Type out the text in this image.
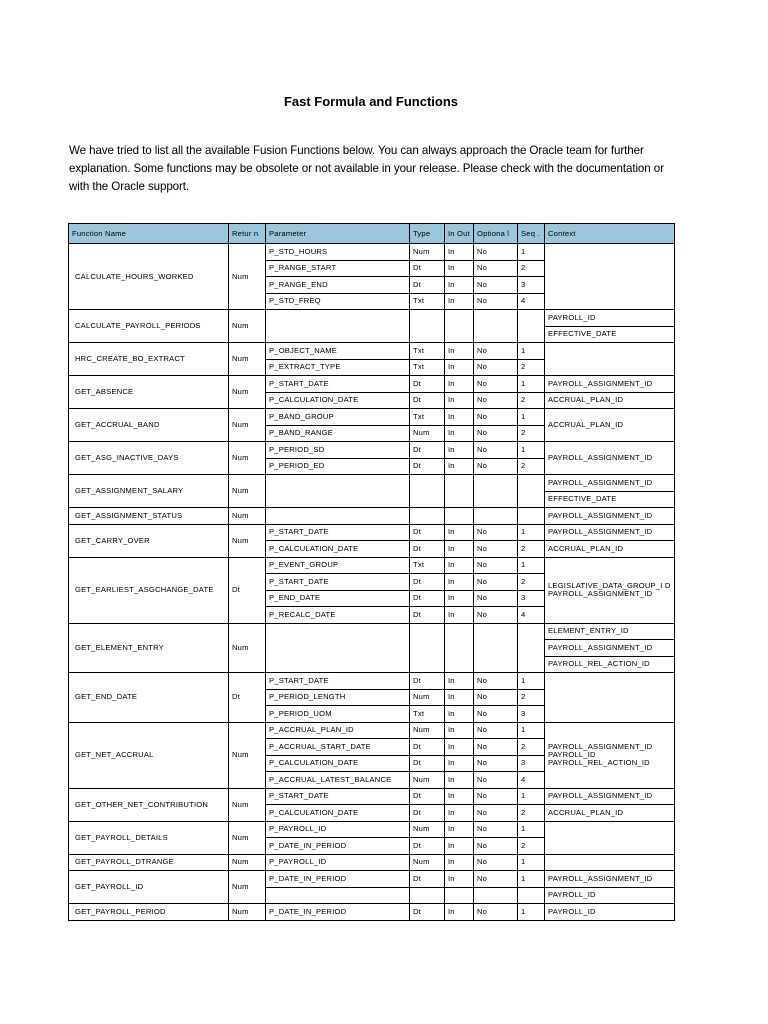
Fast Formula and Functions
We have tried to list all the available Fusion Functions below. You can always approach the Oracle team for further explanation. Some functions may be obsolete or not available in your release. Please check with the documentation or with the Oracle support.
Function Name	Retur n	Parameter	Type	In Out	Optiona l	Seq .	Context
CALCULATE_HOURS_WORKED	Num	P_STD_HOURS	Num	In	No	1	
		P_RANGE_START	Dt	In	No	2	
		P_RANGE_END	Dt	In	No	3	
		P_STD_FREQ	Txt	In	No	4	
CALCULATE_PAYROLL_PERIODS	Num						PAYROLL_ID
							EFFECTIVE_DATE
HRC_CREATE_BO_EXTRACT	Num	P_OBJECT_NAME	Txt	In	No	1	
		P_EXTRACT_TYPE	Txt	In	No	2	
GET_ABSENCE	Num	P_START_DATE	Dt	In	No	1	PAYROLL_ASSIGNMENT_ID
		P_CALCULATION_DATE	Dt	In	No	2	ACCRUAL_PLAN_ID
GET_ACCRUAL_BAND	Num	P_BAND_GROUP	Txt	In	No	1	ACCRUAL_PLAN_ID
		P_BAND_RANGE	Num	In	No	2	
GET_ASG_INACTIVE_DAYS	Num	P_PERIOD_SD	Dt	In	No	1	PAYROLL_ASSIGNMENT_ID
		P_PERIOD_ED	Dt	In	No	2	
GET_ASSIGNMENT_SALARY	Num						PAYROLL_ASSIGNMENT_ID
							EFFECTIVE_DATE
GET_ASSIGNMENT_STATUS	Num						PAYROLL_ASSIGNMENT_ID
GET_CARRY_OVER	Num	P_START_DATE	Dt	In	No	1	PAYROLL_ASSIGNMENT_ID
		P_CALCULATION_DATE	Dt	In	No	2	ACCRUAL_PLAN_ID
GET_EARLIEST_ASGCHANGE_DATE	Dt	P_EVENT_GROUP	Txt	In	No	1	LEGISLATIVE_DATA_GROUP_I D PAYROLL_ASSIGNMENT_ID
		P_START_DATE	Dt	In	No	2	
		P_END_DATE	Dt	In	No	3	
		P_RECALC_DATE	Dt	In	No	4	
GET_ELEMENT_ENTRY	Num						ELEMENT_ENTRY_ID
							PAYROLL_ASSIGNMENT_ID
							PAYROLL_REL_ACTION_ID
GET_END_DATE	Dt	P_START_DATE	Dt	In	No	1	
		P_PERIOD_LENGTH	Num	In	No	2	
		P_PERIOD_UOM	Txt	In	No	3	
GET_NET_ACCRUAL	Num	P_ACCRUAL_PLAN_ID	Num	In	No	1	PAYROLL_ASSIGNMENT_ID PAYROLL_ID PAYROLL_REL_ACTION_ID
		P_ACCRUAL_START_DATE	Dt	In	No	2	
		P_CALCULATION_DATE	Dt	In	No	3	
		P_ACCRUAL_LATEST_BALANCE	Num	In	No	4	
GET_OTHER_NET_CONTRIBUTION	Num	P_START_DATE	Dt	In	No	1	PAYROLL_ASSIGNMENT_ID
		P_CALCULATION_DATE	Dt	In	No	2	ACCRUAL_PLAN_ID
GET_PAYROLL_DETAILS	Num	P_PAYROLL_ID	Num	In	No	1	
		P_DATE_IN_PERIOD	Dt	In	No	2	
GET_PAYROLL_DTRANGE	Num	P_PAYROLL_ID	Num	In	No	1	
GET_PAYROLL_ID	Num	P_DATE_IN_PERIOD	Dt	In	No	1	PAYROLL_ASSIGNMENT_ID
							PAYROLL_ID
GET_PAYROLL_PERIOD	Num	P_DATE_IN_PERIOD	Dt	In	No	1	PAYROLL_ID
